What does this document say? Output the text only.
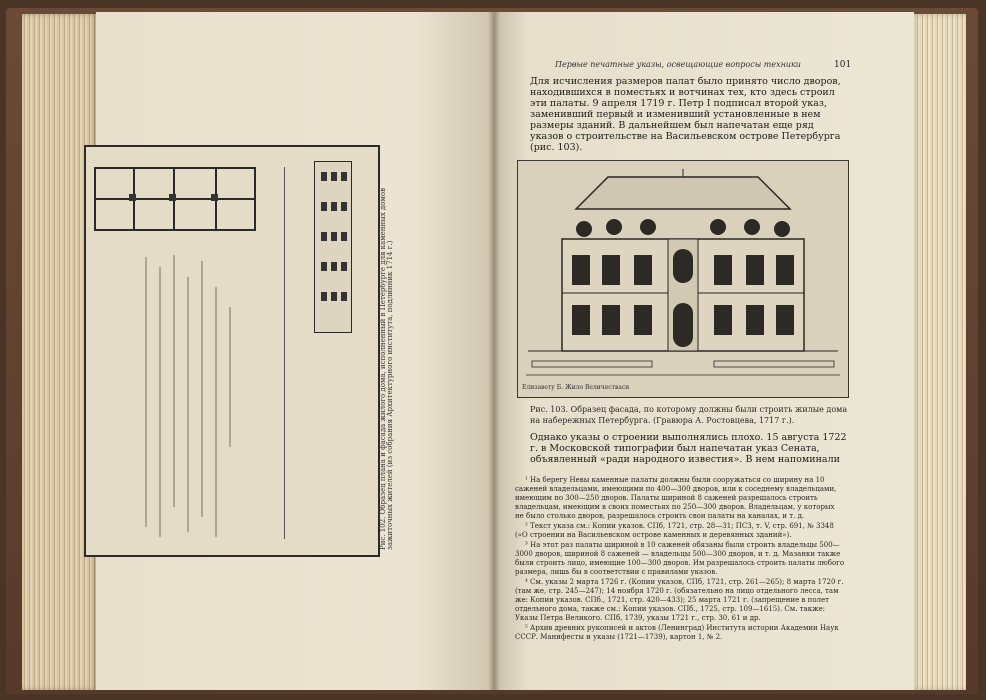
Рис. 102. Образец плана и фасада жилого дома, исполненный в Петербурге для каменных домов зажиточных жителей (из собрания Архитектурного института, подлинник 1714 г.)
Первые печатные указы, освещающие вопросы техники	101
Для исчисления размеров палат было принято число дворов, находившихся в поместьях и вотчинах тех, кто здесь строил эти палаты. 9 апреля 1719 г. Петр I подписал второй указ, заменивший первый и изменивший установленные в нем размеры зданий. В дальнейшем был напечатан еще ряд указов о строительстве на Васильевском острове Петербурга (рис. 103).
Елизавету Б. Жило Величестваси
Рис. 103. Образец фасада, по которому должны были строить жилые дома на набережных Петербурга. (Гравюра А. Ростовцева, 1717 г.).
Однако указы о строении выполнялись плохо. 15 августа 1722 г. в Московской типографии был напечатан указ Сената, объявленный «ради народного известия». В нем напоминали

¹ На берегу Невы каменные палаты должны были сооружаться со ширину на 10 саженей владельцами, имеющими по 400—300 дворов, или к соседнему владельцами, имеющим по 300—250 дворов. Палаты шириной 8 саженей разрешалось строить владельцам, имеющим в своих поместьях по 250—300 дворов. Владельцам, у которых не было столько дворов, разрешалось строить свои палаты на каналах, и т. д.

² Текст указа см.: Копии указов. СПб, 1721, стр. 28—31; ПСЗ, т. V, стр. 691, № 3348 («О строении на Васильевском острове каменных и деревянных зданий»).

³ На этот раз палаты шириной в 10 саженей обязаны были строить владельцы 500—3000 дворов, шириной 8 саженей — владельцы 500—300 дворов, и т. д. Мазанки также были строить лицо, имеющие 100—300 дворов. Им разрешалось строить палаты любого размера, лишь бы в соответствии с правилами указов.

⁴ См. указы 2 марта 1726 г. (Копии указов, СПб, 1721, стр. 261—265); 8 марта 1720 г. (там же, стр. 245—247); 14 ноября 1720 г. (обязательно на лицо отдельного лесса, там же: Копии указов. СПб., 1721, стр. 420—433); 25 марта 1721 г. (запрещение в полет отдельного дома, также см.: Копии указов. СПб., 1725, стр. 109—1615). См. также: Указы Петра Великого. СПб, 1739, указы 1721 г., стр. 30, 61 и др.

⁵ Архив древних рукописей и актов (Ленинград) Института истории Академии Наук СССР. Манифесты и указы (1721—1739), картон 1, № 2.
